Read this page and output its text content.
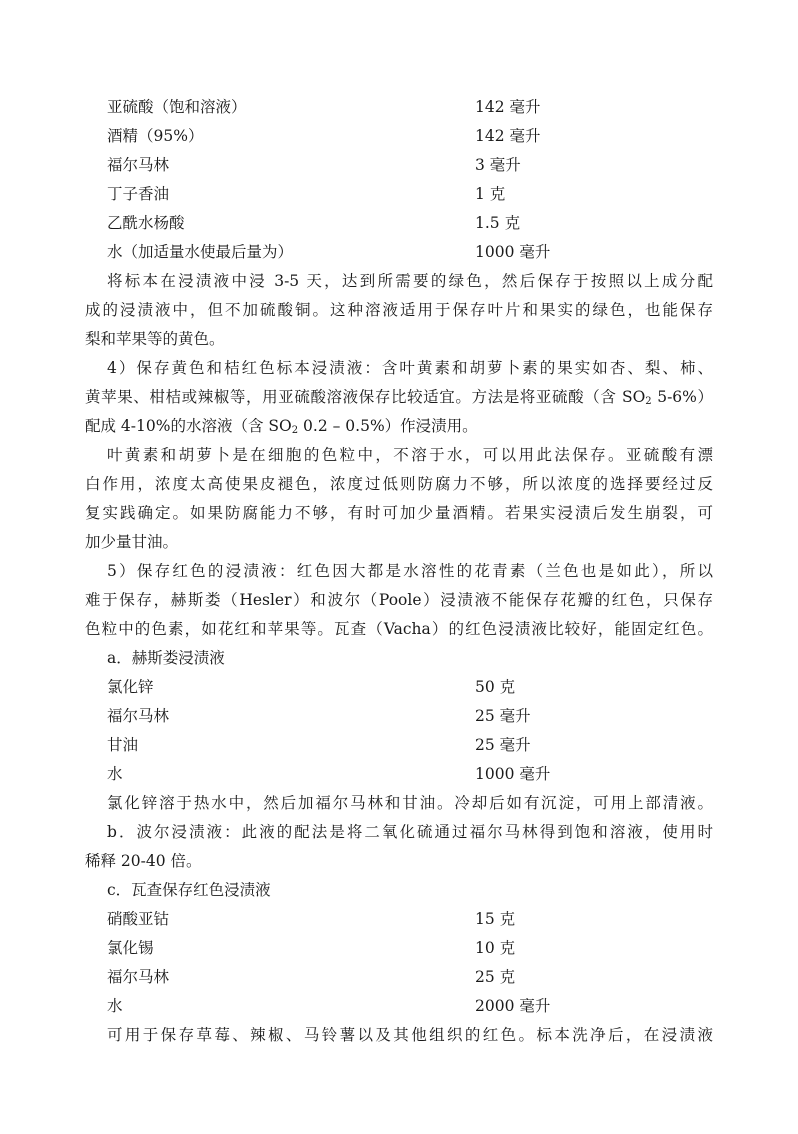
亚硫酸（饱和溶液）	142 毫升
酒精（95%）	142 毫升
福尔马林	3 毫升
丁子香油	1 克
乙酰水杨酸	1.5 克
水（加适量水使最后量为）	1000 毫升
将标本在浸渍液中浸 3-5 天，达到所需要的绿色，然后保存于按照以上成分配
成的浸渍液中，但不加硫酸铜。这种溶液适用于保存叶片和果实的绿色，也能保存
梨和苹果等的黄色。
4）保存黄色和桔红色标本浸渍液：含叶黄素和胡萝卜素的果实如杏、梨、柿、
黄苹果、柑桔或辣椒等，用亚硫酸溶液保存比较适宜。方法是将亚硫酸（含 $SO_2$ 5-6%）
配成 4-10%的水溶液（含 $SO_2$ 0.2 – 0.5%）作浸渍用。
叶黄素和胡萝卜是在细胞的色粒中，不溶于水，可以用此法保存。亚硫酸有漂
白作用，浓度太高使果皮褪色，浓度过低则防腐力不够，所以浓度的选择要经过反
复实践确定。如果防腐能力不够，有时可加少量酒精。若果实浸渍后发生崩裂，可
加少量甘油。
5）保存红色的浸渍液：红色因大都是水溶性的花青素（兰色也是如此），所以
难于保存，赫斯娄（Hesler）和波尔（Poole）浸渍液不能保存花瓣的红色，只保存
色粒中的色素，如花红和苹果等。瓦查（Vacha）的红色浸渍液比较好，能固定红色。
a．赫斯娄浸渍液
氯化锌	50 克
福尔马林	25 毫升
甘油	25 毫升
水	1000 毫升
氯化锌溶于热水中，然后加福尔马林和甘油。冷却后如有沉淀，可用上部清液。
b．波尔浸渍液：此液的配法是将二氧化硫通过福尔马林得到饱和溶液，使用时
稀释 20-40 倍。
c．瓦查保存红色浸渍液
硝酸亚钴	15 克
氯化锡	10 克
福尔马林	25 克
水	2000 毫升
可用于保存草莓、辣椒、马铃薯以及其他组织的红色。标本洗净后，在浸渍液
